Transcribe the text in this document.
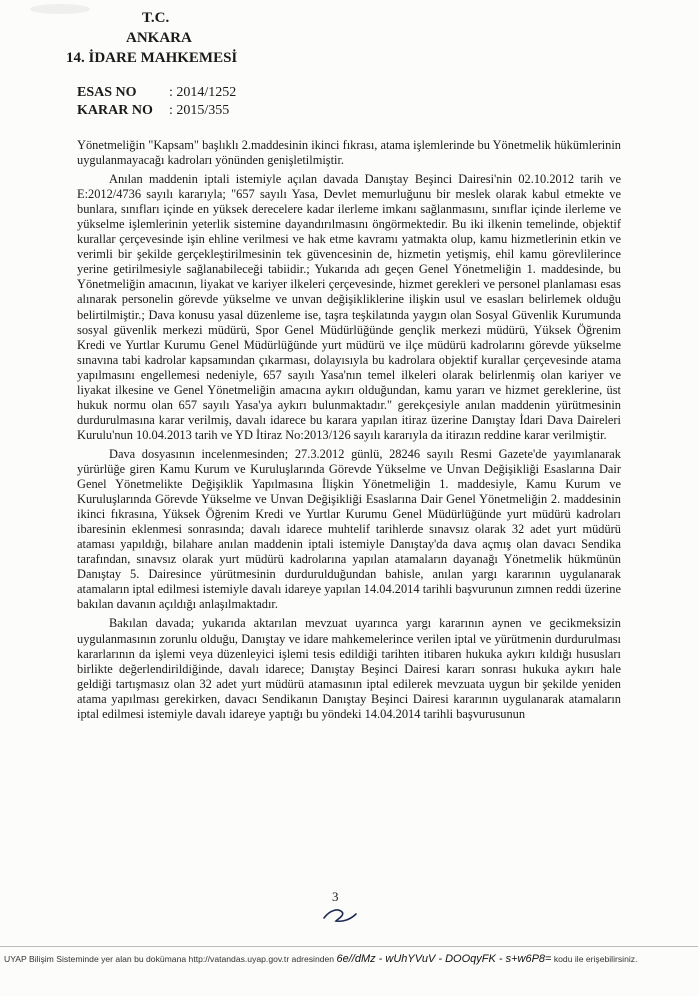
T.C.
ANKARA
14. İDARE MAHKEMESİ
ESAS NO	: 2014/1252
KARAR NO	: 2015/355

Yönetmeliğin "Kapsam" başlıklı 2.maddesinin ikinci fıkrası, atama işlemlerinde bu Yönetmelik hükümlerinin uygulanmayacağı kadroları yönünden genişletilmiştir.

Anılan maddenin iptali istemiyle açılan davada Danıştay Beşinci Dairesi'nin 02.10.2012 tarih ve E:2012/4736 sayılı kararıyla; "657 sayılı Yasa, Devlet memurluğunu bir meslek olarak kabul etmekte ve bunlara, sınıfları içinde en yüksek derecelere kadar ilerleme imkanı sağlanmasını, sınıflar içinde ilerleme ve yükselme işlemlerinin yeterlik sistemine dayandırılmasını öngörmektedir. Bu iki ilkenin temelinde, objektif kurallar çerçevesinde işin ehline verilmesi ve hak etme kavramı yatmakta olup, kamu hizmetlerinin etkin ve verimli bir şekilde gerçekleştirilmesinin tek güvencesinin de, hizmetin yetişmiş, ehil kamu görevlilerince yerine getirilmesiyle sağlanabileceği tabiidir.; Yukarıda adı geçen Genel Yönetmeliğin 1. maddesinde, bu Yönetmeliğin amacının, liyakat ve kariyer ilkeleri çerçevesinde, hizmet gerekleri ve personel planlaması esas alınarak personelin görevde yükselme ve unvan değişikliklerine ilişkin usul ve esasları belirlemek olduğu belirtilmiştir.; Dava konusu yasal düzenleme ise, taşra teşkilatında yaygın olan Sosyal Güvenlik Kurumunda sosyal güvenlik merkezi müdürü, Spor Genel Müdürlüğünde gençlik merkezi müdürü, Yüksek Öğrenim Kredi ve Yurtlar Kurumu Genel Müdürlüğünde yurt müdürü ve ilçe müdürü kadrolarını görevde yükselme sınavına tabi kadrolar kapsamından çıkarması, dolayısıyla bu kadrolara objektif kurallar çerçevesinde atama yapılmasını engellemesi nedeniyle, 657 sayılı Yasa'nın temel ilkeleri olarak belirlenmiş olan kariyer ve liyakat ilkesine ve Genel Yönetmeliğin amacına aykırı olduğundan, kamu yararı ve hizmet gereklerine, üst hukuk normu olan 657 sayılı Yasa'ya aykırı bulunmaktadır." gerekçesiyle anılan maddenin yürütmesinin durdurulmasına karar verilmiş, davalı idarece bu karara yapılan itiraz üzerine Danıştay İdari Dava Daireleri Kurulu'nun 10.04.2013 tarih ve YD İtiraz No:2013/126 sayılı kararıyla da itirazın reddine karar verilmiştir.

Dava dosyasının incelenmesinden; 27.3.2012 günlü, 28246 sayılı Resmi Gazete'de yayımlanarak yürürlüğe giren Kamu Kurum ve Kuruluşlarında Görevde Yükselme ve Unvan Değişikliği Esaslarına Dair Genel Yönetmelikte Değişiklik Yapılmasına İlişkin Yönetmeliğin 1. maddesiyle, Kamu Kurum ve Kuruluşlarında Görevde Yükselme ve Unvan Değişikliği Esaslarına Dair Genel Yönetmeliğin 2. maddesinin ikinci fıkrasına, Yüksek Öğrenim Kredi ve Yurtlar Kurumu Genel Müdürlüğünde yurt müdürü kadroları ibaresinin eklenmesi sonrasında; davalı idarece muhtelif tarihlerde sınavsız olarak 32 adet yurt müdürü ataması yapıldığı, bilahare anılan maddenin iptali istemiyle Danıştay'da dava açmış olan davacı Sendika tarafından, sınavsız olarak yurt müdürü kadrolarına yapılan atamaların dayanağı Yönetmelik hükmünün Danıştay 5. Dairesince yürütmesinin durdurulduğundan bahisle, anılan yargı kararının uygulanarak atamaların iptal edilmesi istemiyle davalı idareye yapılan 14.04.2014 tarihli başvurunun zımnen reddi üzerine bakılan davanın açıldığı anlaşılmaktadır.

Bakılan davada; yukarıda aktarılan mevzuat uyarınca yargı kararının aynen ve gecikmeksizin uygulanmasının zorunlu olduğu, Danıştay ve idare mahkemelerince verilen iptal ve yürütmenin durdurulması kararlarının da işlemi veya düzenleyici işlemi tesis edildiği tarihten itibaren hukuka aykırı kıldığı hususları birlikte değerlendirildiğinde, davalı idarece; Danıştay Beşinci Dairesi kararı sonrası hukuka aykırı hale geldiği tartışmasız olan 32 adet yurt müdürü atamasının iptal edilerek mevzuata uygun bir şekilde yeniden atama yapılması gerekirken, davacı Sendikanın Danıştay Beşinci Dairesi kararının uygulanarak atamaların iptal edilmesi istemiyle davalı idareye yaptığı bu yöndeki 14.04.2014 tarihli başvurusunun

3
UYAP Bilişim Sisteminde yer alan bu dokümana http://vatandas.uyap.gov.tr adresinden 6e//dMz - wUhYVuV - DOOqyFK - s+w6P8= kodu ile erişebilirsiniz.
